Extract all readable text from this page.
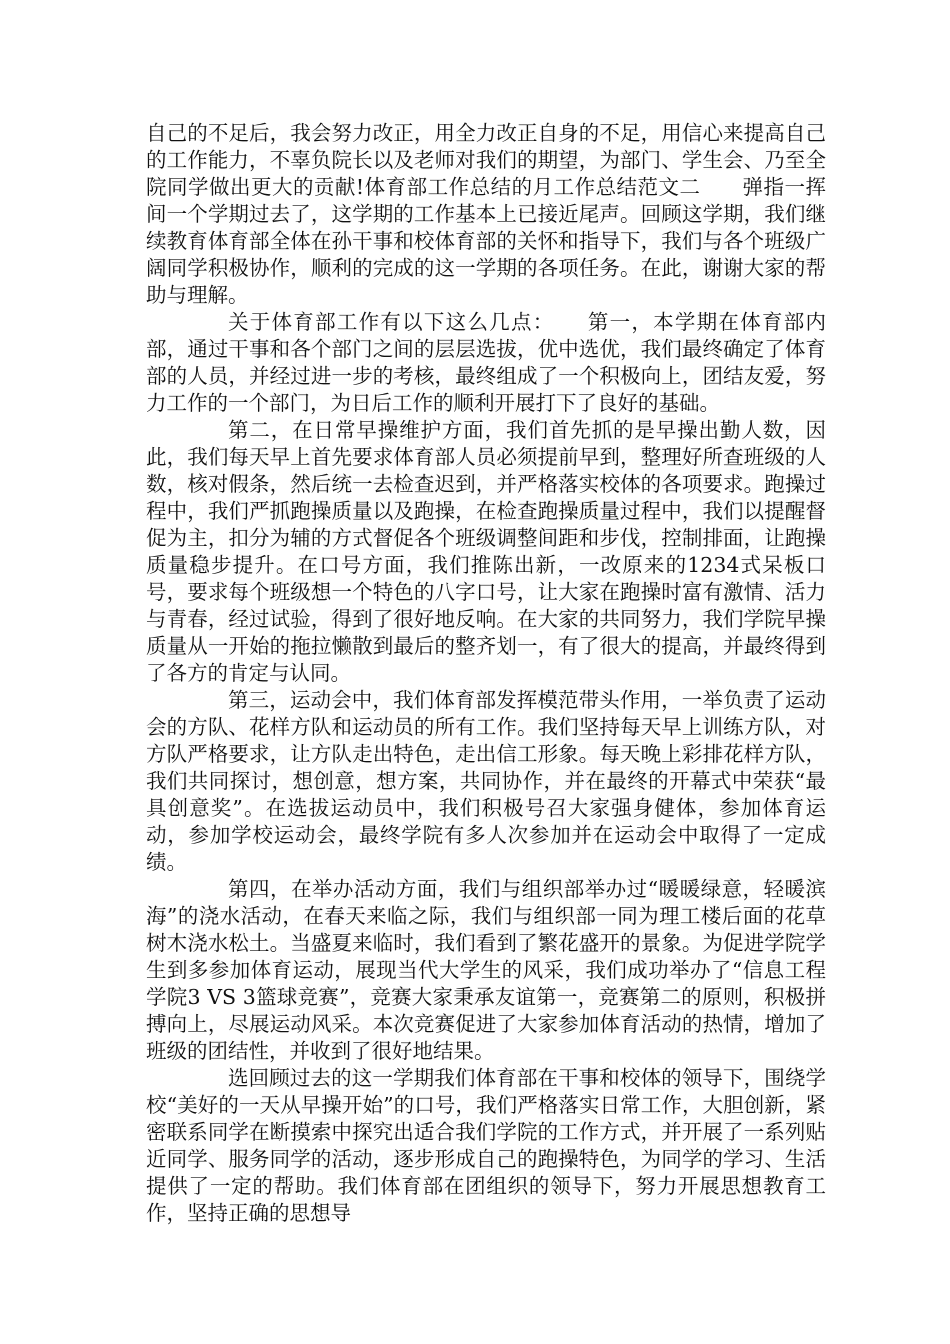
自己的不足后，我会努力改正，用全力改正自身的不足，用信心来提高自己的工作能力，不辜负院长以及老师对我们的期望，为部门、学生会、乃至全院同学做出更大的贡献!体育部工作总结的月工作总结范文二　　弹指一挥间一个学期过去了，这学期的工作基本上已接近尾声。回顾这学期，我们继续教育体育部全体在孙干事和校体育部的关怀和指导下，我们与各个班级广阔同学积极协作，顺利的完成的这一学期的各项任务。在此，谢谢大家的帮助与理解。

关于体育部工作有以下这么几点：　　第一，本学期在体育部内部，通过干事和各个部门之间的层层选拔，优中选优，我们最终确定了体育部的人员，并经过进一步的考核，最终组成了一个积极向上，团结友爱，努力工作的一个部门，为日后工作的顺利开展打下了良好的基础。

第二，在日常早操维护方面，我们首先抓的是早操出勤人数，因此，我们每天早上首先要求体育部人员必须提前早到，整理好所查班级的人数，核对假条，然后统一去检查迟到，并严格落实校体的各项要求。跑操过程中，我们严抓跑操质量以及跑操，在检查跑操质量过程中，我们以提醒督促为主，扣分为辅的方式督促各个班级调整间距和步伐，控制排面，让跑操质量稳步提升。在口号方面，我们推陈出新，一改原来的1234式呆板口号，要求每个班级想一个特色的八字口号，让大家在跑操时富有激情、活力与青春，经过试验，得到了很好地反响。在大家的共同努力，我们学院早操质量从一开始的拖拉懒散到最后的整齐划一，有了很大的提高，并最终得到了各方的肯定与认同。

第三，运动会中，我们体育部发挥模范带头作用，一举负责了运动会的方队、花样方队和运动员的所有工作。我们坚持每天早上训练方队，对方队严格要求，让方队走出特色，走出信工形象。每天晚上彩排花样方队，我们共同探讨，想创意，想方案，共同协作，并在最终的开幕式中荣获“最具创意奖”。在选拔运动员中，我们积极号召大家强身健体，参加体育运动，参加学校运动会，最终学院有多人次参加并在运动会中取得了一定成绩。

第四，在举办活动方面，我们与组织部举办过“暖暖绿意，轻暖滨海”的浇水活动，在春天来临之际，我们与组织部一同为理工楼后面的花草树木浇水松土。当盛夏来临时，我们看到了繁花盛开的景象。为促进学院学生到多参加体育运动，展现当代大学生的风采，我们成功举办了“信息工程学院3 VS 3篮球竞赛”，竞赛大家秉承友谊第一，竞赛第二的原则，积极拼搏向上，尽展运动风采。本次竞赛促进了大家参加体育活动的热情，增加了班级的团结性，并收到了很好地结果。

选回顾过去的这一学期我们体育部在干事和校体的领导下，围绕学校“美好的一天从早操开始”的口号，我们严格落实日常工作，大胆创新，紧密联系同学在断摸索中探究出适合我们学院的工作方式，并开展了一系列贴近同学、服务同学的活动，逐步形成自己的跑操特色，为同学的学习、生活提供了一定的帮助。我们体育部在团组织的领导下，努力开展思想教育工作，坚持正确的思想导
